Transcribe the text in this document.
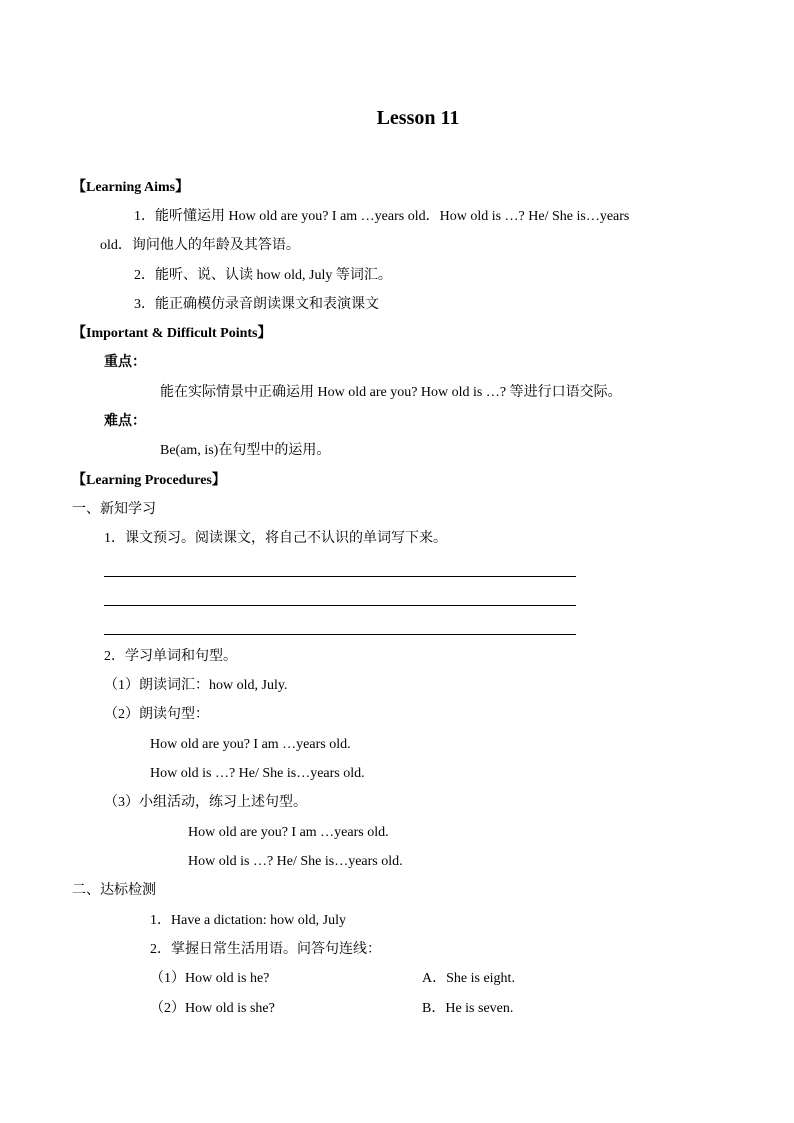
Lesson 11
【Learning Aims】
1．能听懂运用 How old are you? I am …years old．How old is …? He/ She is…years
old．询问他人的年龄及其答语。
2．能听、说、认读 how old, July 等词汇。
3．能正确模仿录音朗读课文和表演课文
【Important & Difficult Points】
重点：
能在实际情景中正确运用 How old are you? How old is …? 等进行口语交际。
难点：
Be(am, is)在句型中的运用。
【Learning Procedures】
一、新知学习
1．课文预习。阅读课文，将自己不认识的单词写下来。
2．学习单词和句型。
（1）朗读词汇：how old, July.
（2）朗读句型：
How old are you? I am …years old.
How old is …? He/ She is…years old.
（3）小组活动，练习上述句型。
How old are you? I am …years old.
How old is …? He/ She is…years old.
二、达标检测
1．Have a dictation: how old, July
2．掌握日常生活用语。问答句连线：
（1）How old is he?	A．She is eight.
（2）How old is she?	B．He is seven.
